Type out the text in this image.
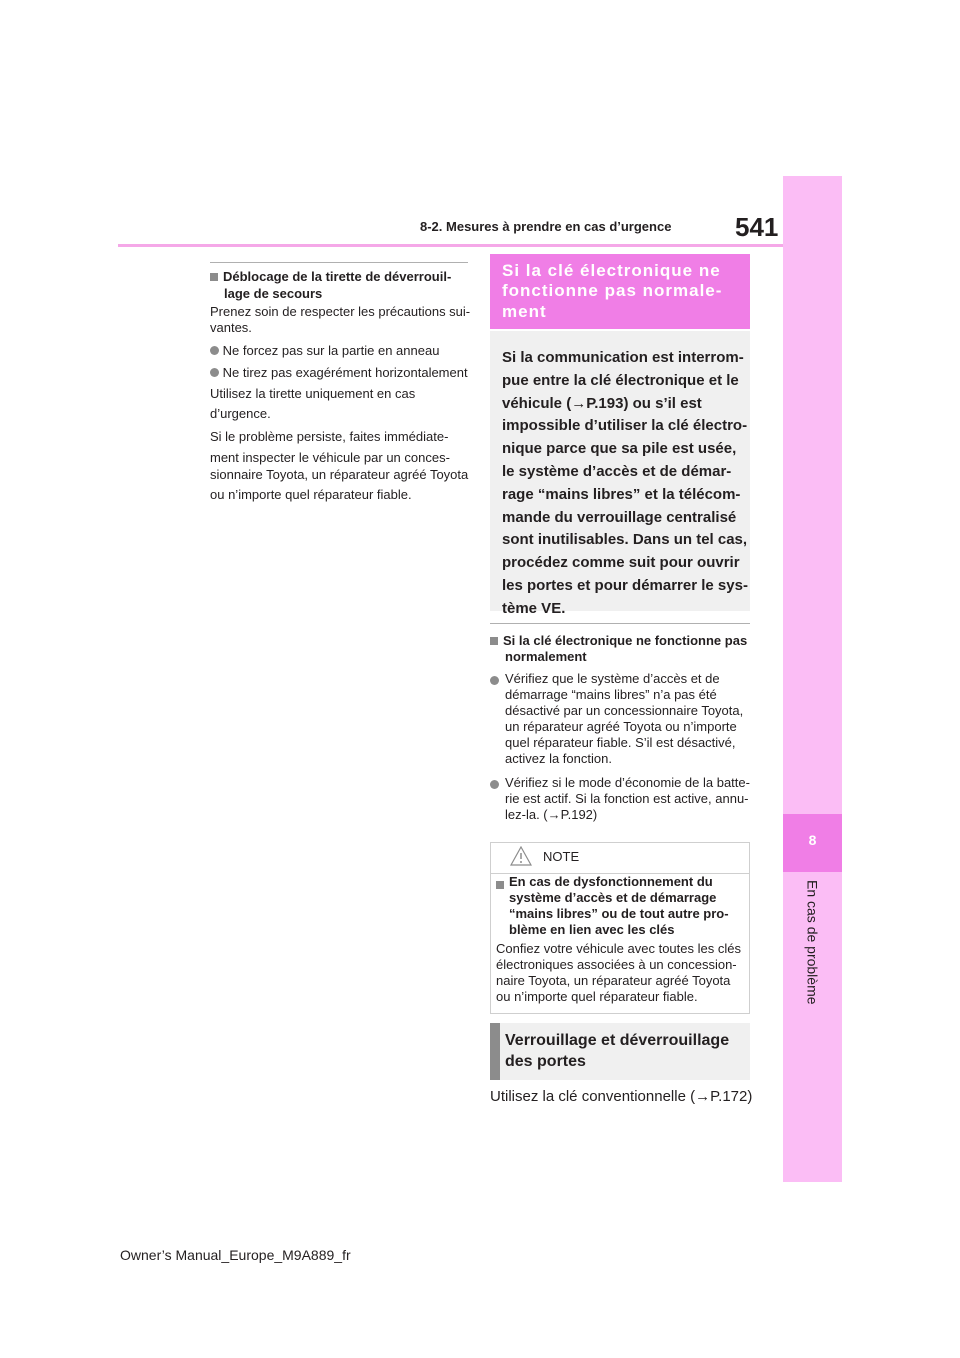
8
En cas de problème
8-2. Mesures à prendre en cas d’urgence 541
Déblocage de la tirette de déverrouil-
lage de secours
Prenez soin de respecter les précautions sui-
vantes.
Ne forcez pas sur la partie en anneau
Ne tirez pas exagérément horizontalement
Utilisez la tirette uniquement en cas
d’urgence.
Si le problème persiste, faites immédiate-
ment inspecter le véhicule par un conces-
sionnaire Toyota, un réparateur agréé Toyota
ou n’importe quel réparateur fiable.
Si la clé électronique ne
fonctionne pas normale-
ment
Si la communication est interrom-
pue entre la clé électronique et le
véhicule (→P.193) ou s’il est
impossible d’utiliser la clé électro-
nique parce que sa pile est usée,
le système d’accès et de démar-
rage “mains libres” et la télécom-
mande du verrouillage centralisé
sont inutilisables. Dans un tel cas,
procédez comme suit pour ouvrir
les portes et pour démarrer le sys-
tème VE.
Si la clé électronique ne fonctionne pas
normalement
Vérifiez que le système d’accès et de
démarrage “mains libres” n’a pas été
désactivé par un concessionnaire Toyota,
un réparateur agréé Toyota ou n’importe
quel réparateur fiable. S’il est désactivé,
activez la fonction.
Vérifiez si le mode d’économie de la batte-
rie est actif. Si la fonction est active, annu-
lez-la. (→P.192)
NOTE
En cas de dysfonctionnement du
système d’accès et de démarrage
“mains libres” ou de tout autre pro-
blème en lien avec les clés
Confiez votre véhicule avec toutes les clés
électroniques associées à un concession-
naire Toyota, un réparateur agréé Toyota
ou n’importe quel réparateur fiable.
Verrouillage et déverrouillage
des portes
Utilisez la clé conventionnelle (→P.172)
Owner’s Manual_Europe_M9A889_fr
